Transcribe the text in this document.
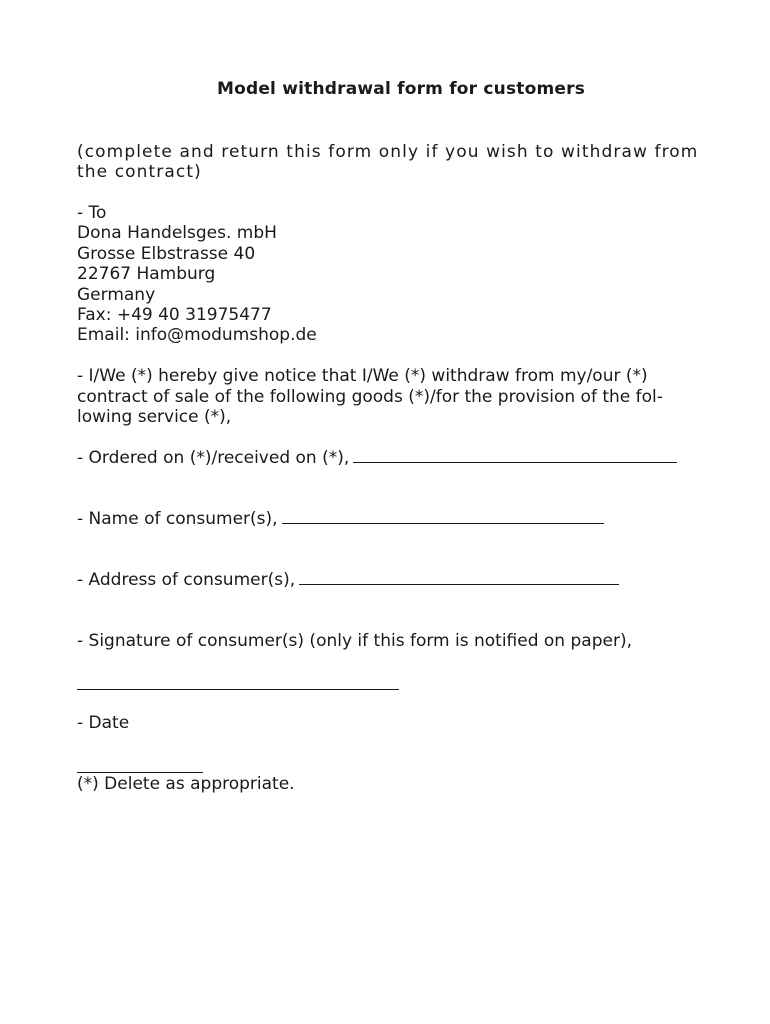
Model withdrawal form for customers
(complete and return this form only if you wish to withdraw from
the contract)
- To
Dona Handelsges. mbH
Grosse Elbstrasse 40
22767 Hamburg
Germany
Fax: +49 40 31975477
Email: info@modumshop.de
- I/We (*) hereby give notice that I/We (*) withdraw from my/our (*)
contract of sale of the following goods (*)/for the provision of the fol-
lowing service (*),
- Ordered on (*)/received on (*),
- Name of consumer(s),
- Address of consumer(s),
- Signature of consumer(s) (only if this form is notified on paper),
- Date
(*) Delete as appropriate.
